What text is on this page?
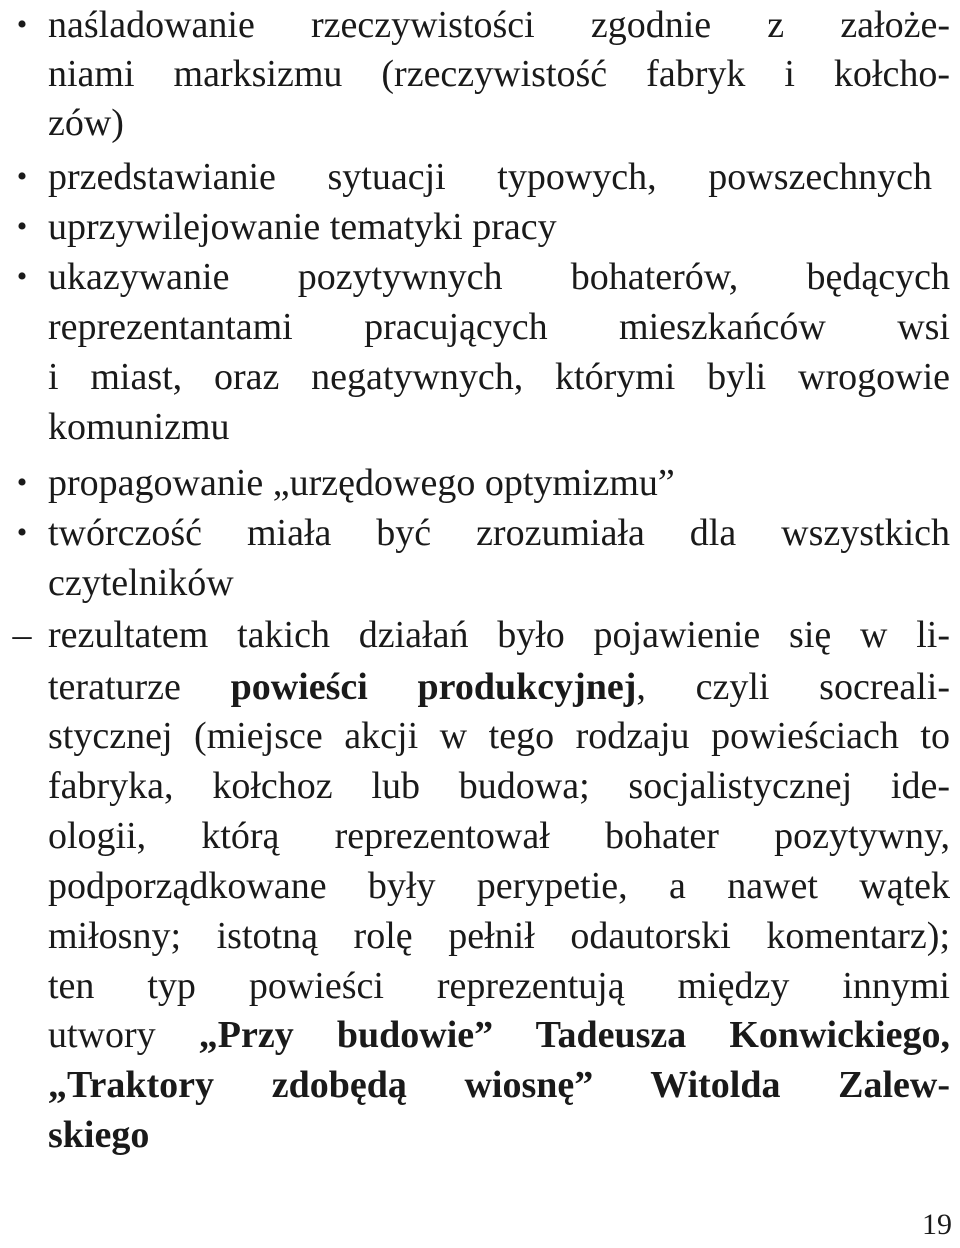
• naśladowanie rzeczywistości zgodnie z założe-
niami marksizmu (rzeczywistość fabryk i kołcho-
zów)
• przedstawianie sytuacji typowych, powszechnych
• uprzywilejowanie tematyki pracy
• ukazywanie pozytywnych bohaterów, będących
reprezentantami pracujących mieszkańców wsi
i miast, oraz negatywnych, którymi byli wrogowie
komunizmu
• propagowanie „urzędowego optymizmu”
• twórczość miała być zrozumiała dla wszystkich
czytelników
– rezultatem takich działań było pojawienie się w li-
teraturze powieści produkcyjnej, czyli socreali-
stycznej (miejsce akcji w tego rodzaju powieściach to
fabryka, kołchoz lub budowa; socjalistycznej ide-
ologii, którą reprezentował bohater pozytywny,
podporządkowane były perypetie, a nawet wątek
miłosny; istotną rolę pełnił odautorski komentarz);
ten typ powieści reprezentują między innymi
utwory „Przy budowie” Tadeusza Konwickiego,
„Traktory zdobędą wiosnę” Witolda Zalew-
skiego
19
